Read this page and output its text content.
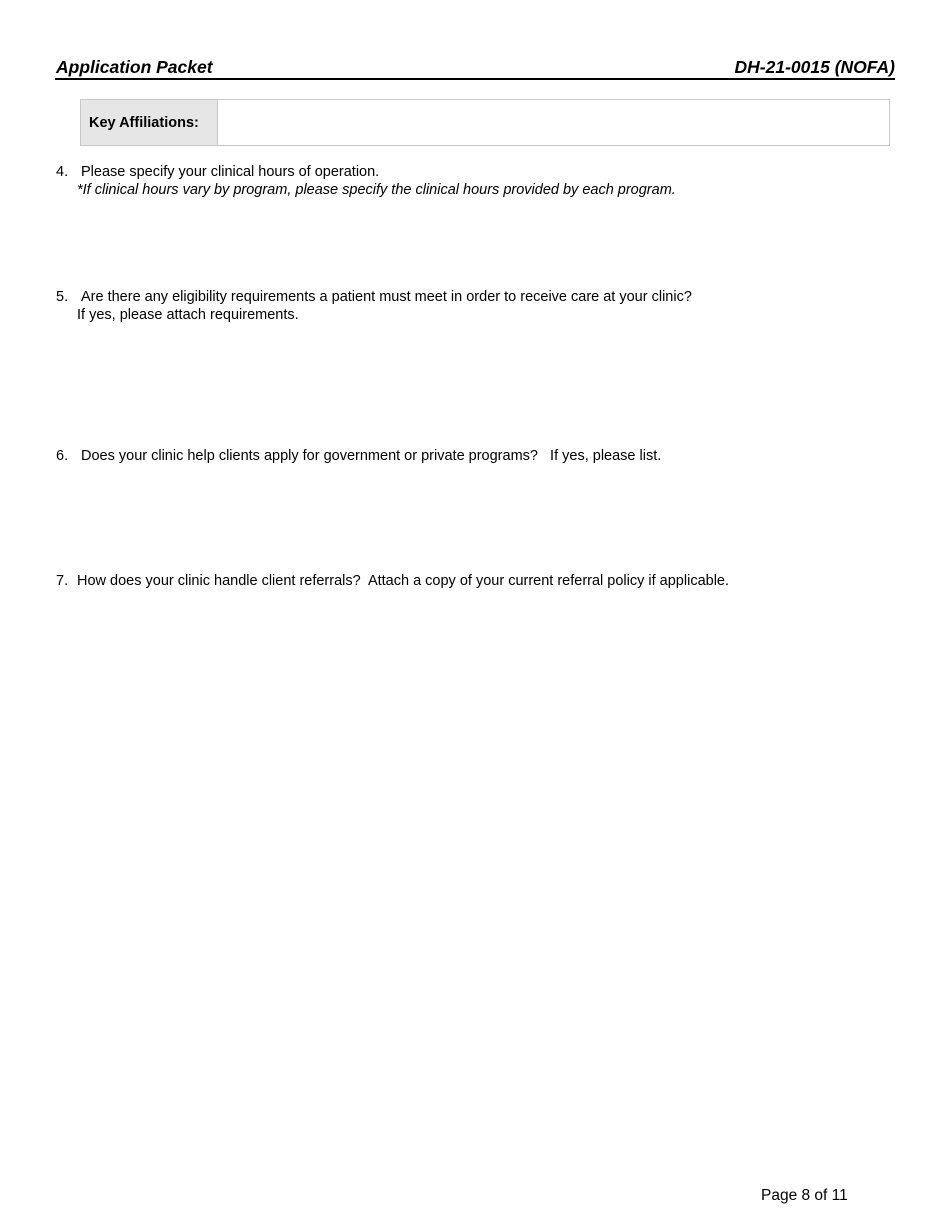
Application Packet	DH-21-0015 (NOFA)
Key Affiliations:
4. Please specify your clinical hours of operation.
*If clinical hours vary by program, please specify the clinical hours provided by each program.
5. Are there any eligibility requirements a patient must meet in order to receive care at your clinic?
If yes, please attach requirements.

6. Does your clinic help clients apply for government or private programs?   If yes, please list.

7. How does your clinic handle client referrals?  Attach a copy of your current referral policy if applicable.

Page 8 of 11
